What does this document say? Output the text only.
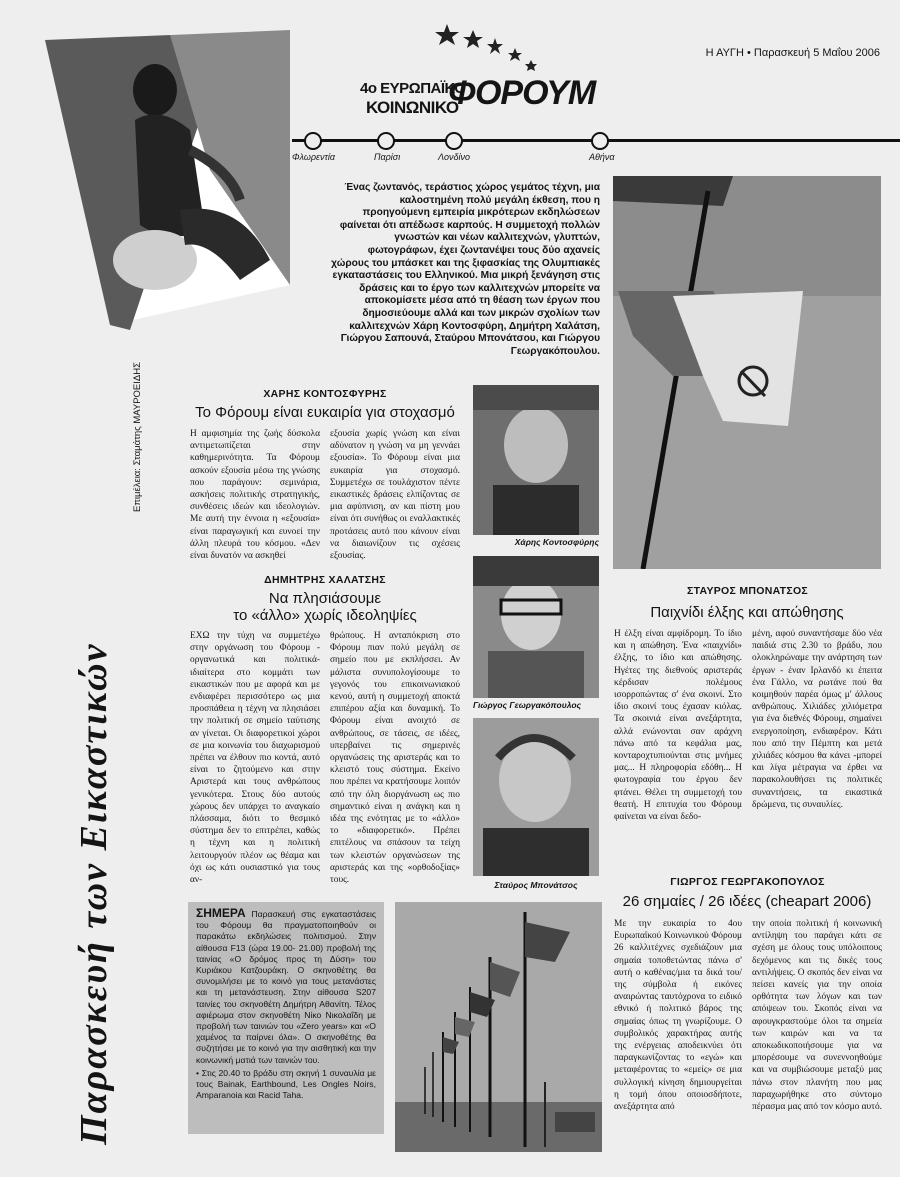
Η ΑΥΓΗ • Παρασκευή 5 Μαΐου 2006
4ο ΕΥΡΩΠΑΪΚΟ
ΚΟΙΝΩΝΙΚΟ
ΦΟΡΟΥΜ
Φλωρεντία	Παρίσι	Λονδίνο	Αθήνα
Παρασκευή των Εικαστικών
Επιμέλεια: Σταμάτης ΜΑΥΡΟΕΙΔΗΣ
Ένας ζωντανός, τεράστιος χώρος γεμάτος τέχνη, μια καλοστημένη πολύ μεγάλη έκθεση, που η προηγούμενη εμπειρία μικρότερων εκδηλώσεων φαίνεται ότι απέδωσε καρπούς. Η συμμετοχή πολλών γνωστών και νέων καλλιτεχνών, γλυπτών, φωτογράφων, έχει ζωντανέψει τους δύο αχανείς χώρους του μπάσκετ και της ξιφασκίας της Ολυμπιακές εγκαταστάσεις του Ελληνικού. Μια μικρή ξενάγηση στις δράσεις και το έργο των καλλιτεχνών μπορείτε να αποκομίσετε μέσα από τη θέαση των έργων που δημοσιεύουμε αλλά και των μικρών σχολίων των καλλιτεχνών Χάρη Κοντοσφύρη, Δημήτρη Χαλάτση, Γιώργου Σαπουνά, Σταύρου Μπονάτσου, και Γιώργου Γεωργακόπουλου.
ΧΑΡΗΣ ΚΟΝΤΟΣΦΥΡΗΣ
Το Φόρουμ είναι ευκαιρία για στοχασμό
Η αμφισημία της ζωής δύσκολα αντιμετωπίζεται στην καθημερινότητα. Τα Φόρουμ ασκούν εξουσία μέσω της γνώσης που παράγουν: σεμινάρια, ασκήσεις πολιτικής στρατηγικής, συνθέσεις ιδεών και ιδεολογιών. Με αυτή την έννοια η «εξουσία» είναι παραγωγική και ευνοεί την άλλη πλευρά του κόσμου. «Δεν είναι δυνατόν να ασκηθεί
εξουσία χωρίς γνώση και είναι αδύνατον η γνώση να μη γεννάει εξουσία». Το Φόρουμ είναι μια ευκαιρία για στοχασμό. Συμμετέχω σε τουλάχιστον πέντε εικαστικές δράσεις ελπίζοντας σε μια αφύπνιση, αν και πίστη μου είναι ότι συνήθως οι εναλλακτικές προτάσεις αυτό που κάνουν είναι να διαιωνίζουν τις σχέσεις εξουσίας.
Χάρης Κοντοσφύρης
ΔΗΜΗΤΡΗΣ ΧΑΛΑΤΣΗΣ
Να πλησιάσουμε
το «άλλο» χωρίς ιδεοληψίες
ΕΧΩ την τύχη να συμμετέχω στην οργάνωση του Φόρουμ - οργανωτικά και πολιτικά- ιδιαίτερα στο κομμάτι των εικαστικών που με αφορά και με ενδιαφέρει περισσότερο ως μια προσπάθεια η τέχνη να πλησιάσει την πολιτική σε σημείο ταύτισης αν γίνεται. Οι διαφορετικοί χώροι σε μια κοινωνία του διαχωρισμού πρέπει να έλθουν πιο κοντά, αυτό είναι το ζητούμενο και στην Αριστερά και τους ανθρώπους γενικότερα. Στους δύο αυτούς χώρους δεν υπάρχει το αναγκαίο πλάσσαμα, διότι το θεσμικό σύστημα δεν το επιτρέπει, καθώς η τέχνη και η πολιτική λειτουργούν πλέον ως θέαμα και όχι ως κάτι ουσιαστικό για τους αν-
θρώπους. Η ανταπόκριση στο Φόρουμ πιαν πολύ μεγάλη σε σημείο που με εκπλήσσει. Αν μάλιστα συνυπολογίσουμε το γεγονός του επικοινωνιακού κενού, αυτή η συμμετοχή αποκτά επιπέρου αξία και δυναμική. Το Φόρουμ είναι ανοιχτό σε ανθρώπους, σε τάσεις, σε ιδέες, υπερβαίνει τις σημερινές οργανώσεις της αριστεράς και το κλειστό τους σύστημα. Εκείνο που πρέπει να κρατήσουμε λοιπόν από την όλη διοργάνωση ως πιο σημαντικό είναι η ανάγκη και η ιδέα της ενότητας με το «άλλο» το «διαφορετικό». Πρέπει επιτέλους να σπάσουν τα τείχη των κλειστών οργανώσεων της αριστεράς και της «ορθοδοξίας» τους.
Γιώργος Γεωργακόπουλος
Σταύρος Μπονάτσος
ΣΤΑΥΡΟΣ ΜΠΟΝΑΤΣΟΣ
Παιχνίδι έλξης και απώθησης
Η έλξη είναι αμφίδρομη. Το ίδιο και η απώθηση. Ένα «παιχνίδι» έλξης, το ίδιο και απώθησης. Ηγέτες της διεθνούς αριστεράς κέρδισαν πολέμους ισορροπώντας σ' ένα σκοινί. Στο ίδιο σκοινί τους έχασαν κιόλας. Τα σκοινιά είναι ανεξάρτητα, αλλά ενώνονται σαν αράχνη πάνω από τα κεφάλια μας, κονταροχτυπιούνται στις μνήμες μας... Η πληροφορία εδόθη... Η φωτογραφία του έργου δεν φτάνει. Θέλει τη συμμετοχή του θεατή. Η επιτυχία του Φόρουμ φαίνεται να είναι δεδο-
μένη, αφού συναντήσαμε δύο νέα παιδιά στις 2.30 το βράδυ, που ολοκληρώναμε την ανάρτηση των έργων - έναν Ιρλανδό κι έπειτα ένα Γάλλο, να ρωτάνε πού θα κοιμηθούν παρέα όμως μ' άλλους ανθρώπους. Χιλιάδες χιλιόμετρα για ένα διεθνές Φόρουμ, σημαίνει ενεργοποίηση, ενδιαφέρον. Κάτι που από την Πέμπτη και μετά χιλιάδες κόσμου θα κάνει -μπορεί και λίγα μέτραγια να έρθει να παρακολουθήσει τις πολιτικές συναντήσεις, τα εικαστικά δρώμενα, τις συναυλίες.
ΓΙΩΡΓΟΣ ΓΕΩΡΓΑΚΟΠΟΥΛΟΣ
26 σημαίες / 26 ιδέες (cheapart 2006)
Με την ευκαιρία το 4ου Ευρωπαϊκού Κοινωνικού Φόρουμ 26 καλλιτέχνες σχεδιάζουν μια σημαία τοποθετώντας πάνω σ' αυτή ο καθένας/μια τα δικά του/της σύμβολα ή εικόνες αναιρώντας ταυτόχρονα το ειδικό εθνικό ή πολιτικό βάρος της σημαίας όπως τη γνωρίζουμε. Ο συμβολικός χαρακτήρας αυτής της ενέργειας αποδεικνύει ότι παραγκωνίζοντας το «εγώ» και μεταφέροντας το «εμείς» σε μια συλλογική κίνηση δημιουργείται η τομή όπου οποιοσδήποτε, ανεξάρτητα από
την οποία πολιτική ή κοινωνική αντίληψη του παράγει κάτι σε σχέση με όλους τους υπόλοιπους δεχόμενος και τις δικές τους αντιλήψεις. Ο σκοπός δεν είναι να πείσει κανείς για την οποία ορθότητα των λόγων και των απόψεων του. Σκοπός είναι να αφουγκραστούμε όλοι τα σημεία των καιρών και να τα αποκωδικοποιήσουμε για να μπορέσουμε να συνεννοηθούμε και να συμβιώσουμε μεταξύ μας πάνω στον πλανήτη που μας παραχωρήθηκε στο σύντομο πέρασμα μας από τον κόσμο αυτό.
ΣΗΜΕΡΑ Παρασκευή στις εγκαταστάσεις του Φόρουμ θα πραγματοποιηθούν οι παρακάτω εκδηλώσεις πολιτισμού. Στην αίθουσα F13 (ώρα 19.00- 21.00) προβολή της ταινίας «Ο δρόμος προς τη Δύση» του Κυριάκου Κατζουράκη. Ο σκηνοθέτης θα συνομιλήσει με το κοινό για τους μετανάστες και τη μετανάστευση. Στην αίθουσα S207 ταινίες του σκηνοθέτη Δημήτρη Αθανίτη. Τέλος αφιέρωμα στον σκηνοθέτη Νίκο Νικολαΐδη με προβολή των ταινιών του «Zero years» και «Ο χαμένος τα παίρνει όλα». Ο σκηνοθέτης θα συζητήσει με το κοινό για την αισθητική και την κοινωνική ματιά των ταινιών του.
• Στις 20.40 το βράδυ στη σκηνή 1 συναυλία με τους Bainak, Earthbound, Les Ongles Noirs, Amparanoia και Racid Taha.
